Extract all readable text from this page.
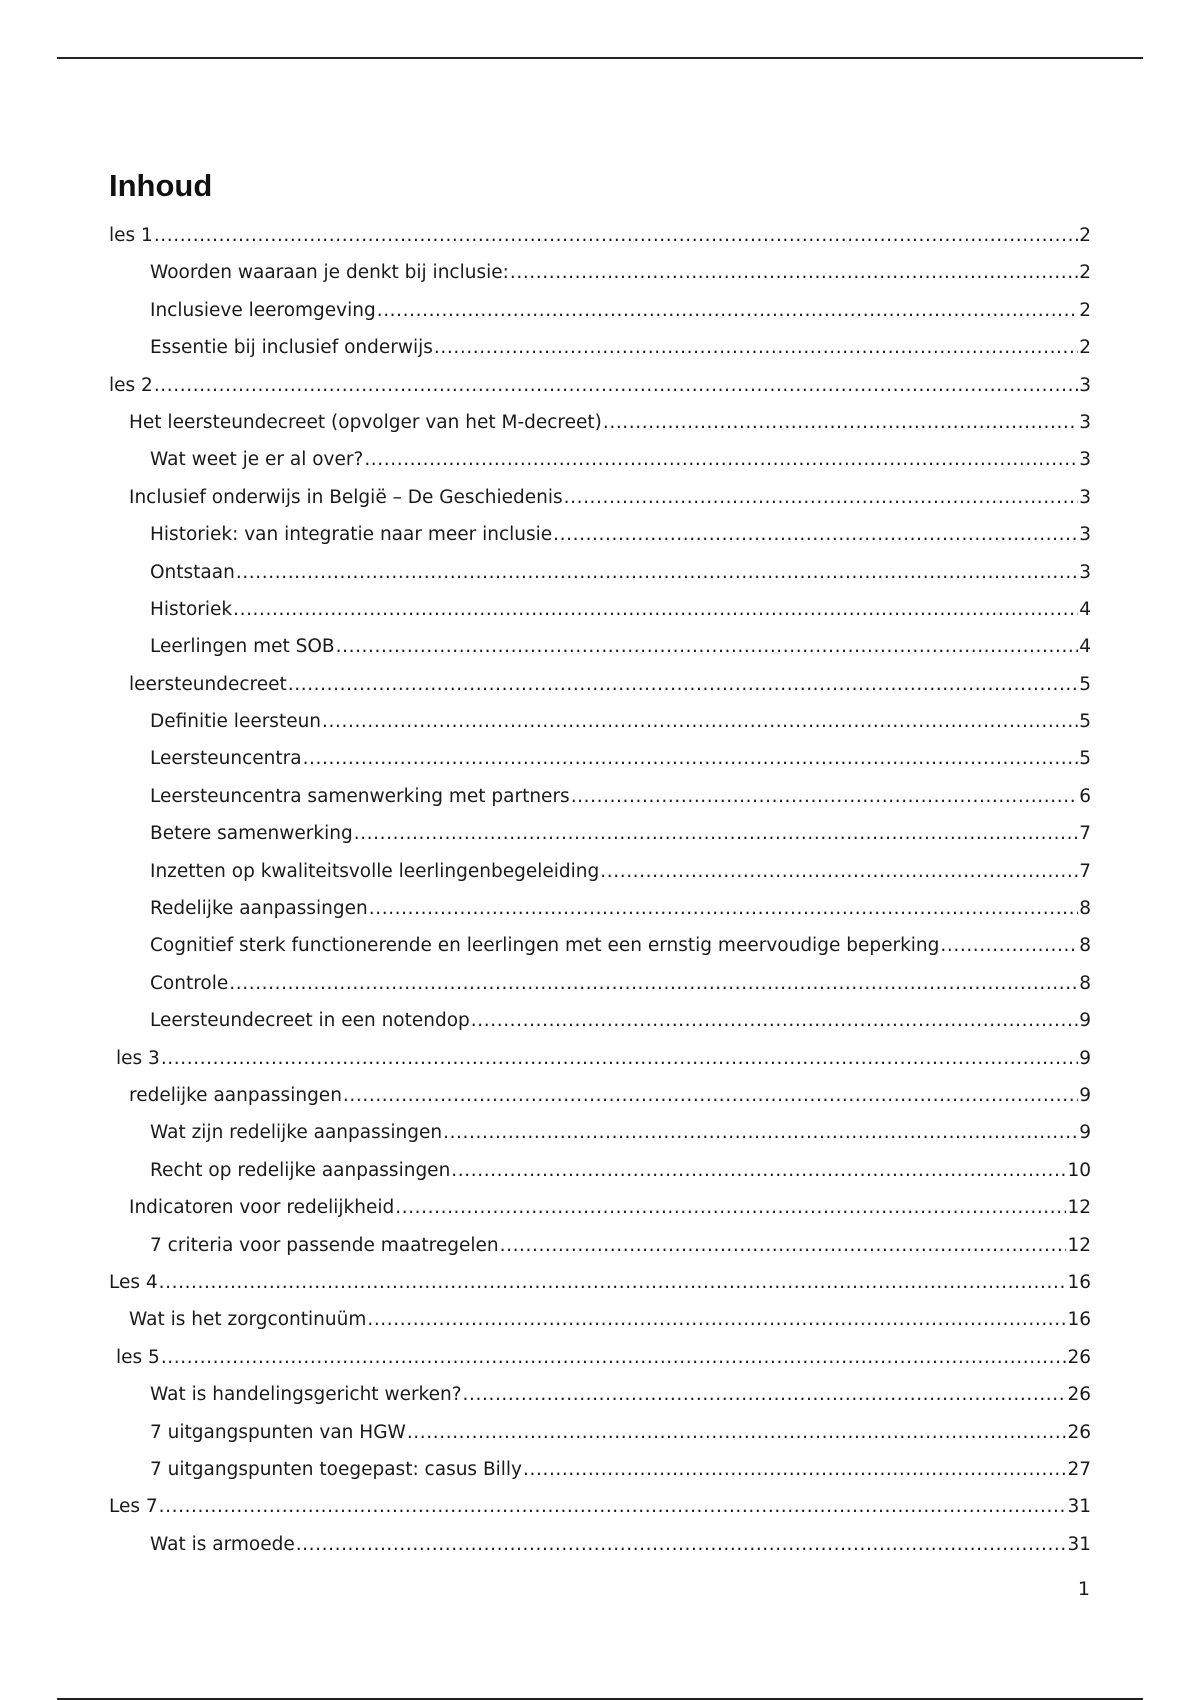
Inhoud
les 1 .....	2
Woorden waaraan je denkt bij inclusie: .....	2
Inclusieve leeromgeving .....	2
Essentie bij inclusief onderwijs .....	2
les 2 .....	3
Het leersteundecreet (opvolger van het M-decreet) .....	3
Wat weet je er al over? .....	3
Inclusief onderwijs in België – De Geschiedenis .....	3
Historiek: van integratie naar meer inclusie .....	3
Ontstaan .....	3
Historiek .....	4
Leerlingen met SOB .....	4
leersteundecreet .....	5
Definitie leersteun .....	5
Leersteuncentra .....	5
Leersteuncentra samenwerking met partners .....	6
Betere samenwerking .....	7
Inzetten op kwaliteitsvolle leerlingenbegeleiding .....	7
Redelijke aanpassingen .....	8
Cognitief sterk functionerende en leerlingen met een ernstig meervoudige beperking .....	8
Controle .....	8
Leersteundecreet in een notendop .....	9
les 3 .....	9
redelijke aanpassingen .....	9
Wat zijn redelijke aanpassingen .....	9
Recht op redelijke aanpassingen .....	10
Indicatoren voor redelijkheid .....	12
7 criteria voor passende maatregelen .....	12
Les 4 .....	16
Wat is het zorgcontinuüm .....	16
les 5 .....	26
Wat is handelingsgericht werken? .....	26
7 uitgangspunten van HGW .....	26
7 uitgangspunten toegepast: casus Billy .....	27
Les 7 .....	31
Wat is armoede .....	31
1
